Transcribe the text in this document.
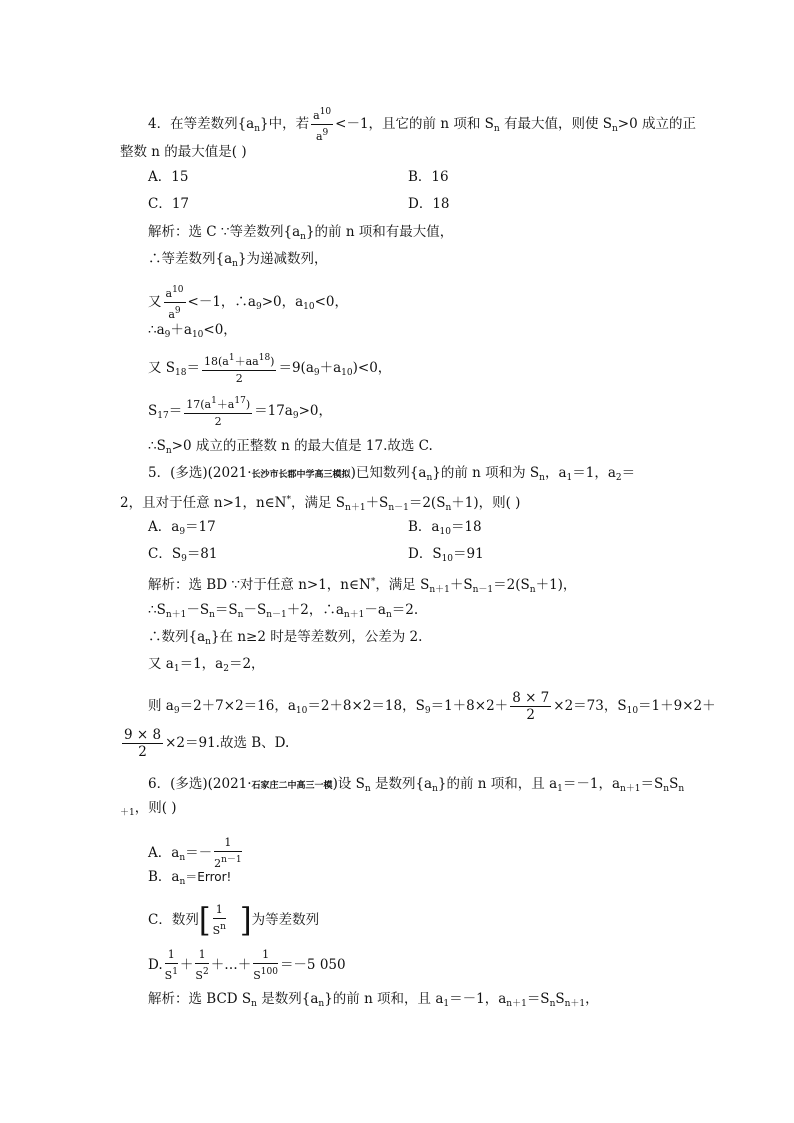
4．在等差数列$\{a_n\}$中，若 $\frac{a^{10}}{a^9} <-1$，且它的前 n 项和 $S_n$ 有最大值，则使 $S_n>0$ 成立的正
整数 n 的最大值是( )
A．15	B．16
C．17	D．18
解析：选 C ∵等差数列$\{a_n\}$的前 n 项和有最大值，
∴等差数列$\{a_n\}$为递减数列，
又 $\frac{a^{10}}{a^9} <-1$，$\therefore a_9>0$，$a_{10}<0$，
$\therefore a_9+a_{10}<0$，
又 $S_{18}= \frac{18(a^1+aa^{18})}{2} =9(a_9+a_{10})<0$，
$S_{17}= \frac{17(a^1+a^{17})}{2} =17a_9>0$，
$\therefore S_n>0$ 成立的正整数 n 的最大值是 17.故选 C.
5．(多选)(2021·长沙市长郡中学高三模拟)已知数列$\{a_n\}$的前 n 项和为 $S_n$，$a_1=1$，$a_2=$
2，且对于任意 n>1，n∈N*，满足 $S_{n+1}+S_{n-1}=2(S_n+1)$，则( )
A．$a_9=17$	B．$a_{10}=18$
C．$S_9=81$	D．$S_{10}=91$
解析：选 BD ∵对于任意 n>1，n∈N*，满足 $S_{n+1}+S_{n-1}=2(S_n+1)$，
$\therefore S_{n+1}-S_n=S_n-S_{n-1}+2$，$\therefore a_{n+1}-a_n=2$.
∴数列$\{a_n\}$在 n≥2 时是等差数列，公差为 2.
又 $a_1=1$，$a_2=2$，
则 $a_9=2+7\times 2=16$，$a_{10}=2+8\times 2=18$，$S_9=1+8\times 2+ \frac{8 \times 7}{2} \times 2=73$，$S_{10}=1+9\times 2+$
$\frac{9 \times 8}{2} \times 2=91$.故选 B、D.
6．(多选)(2021·石家庄二中高三一模)设 $S_n$ 是数列$\{a_n\}$的前 n 项和，且 $a_1=-1$，$a_{n+1}=S_nS_n$
$_{+1}$，则( )
A．$a_n=- \frac{1}{2^{n-1}}$
B．$a_n=Error$!
C．数列[ $\frac{1}{S^n}$ ]为等差数列
D. $\frac{1}{S^1} + \frac{1}{S^2}$ ＋…＋ $\frac{1}{S^{100}} =-5$ 050
解析：选 BCD $S_n$ 是数列$\{a_n\}$的前 n 项和，且 $a_1=-1$，$a_{n+1}=S_nS_{n+1}$，
